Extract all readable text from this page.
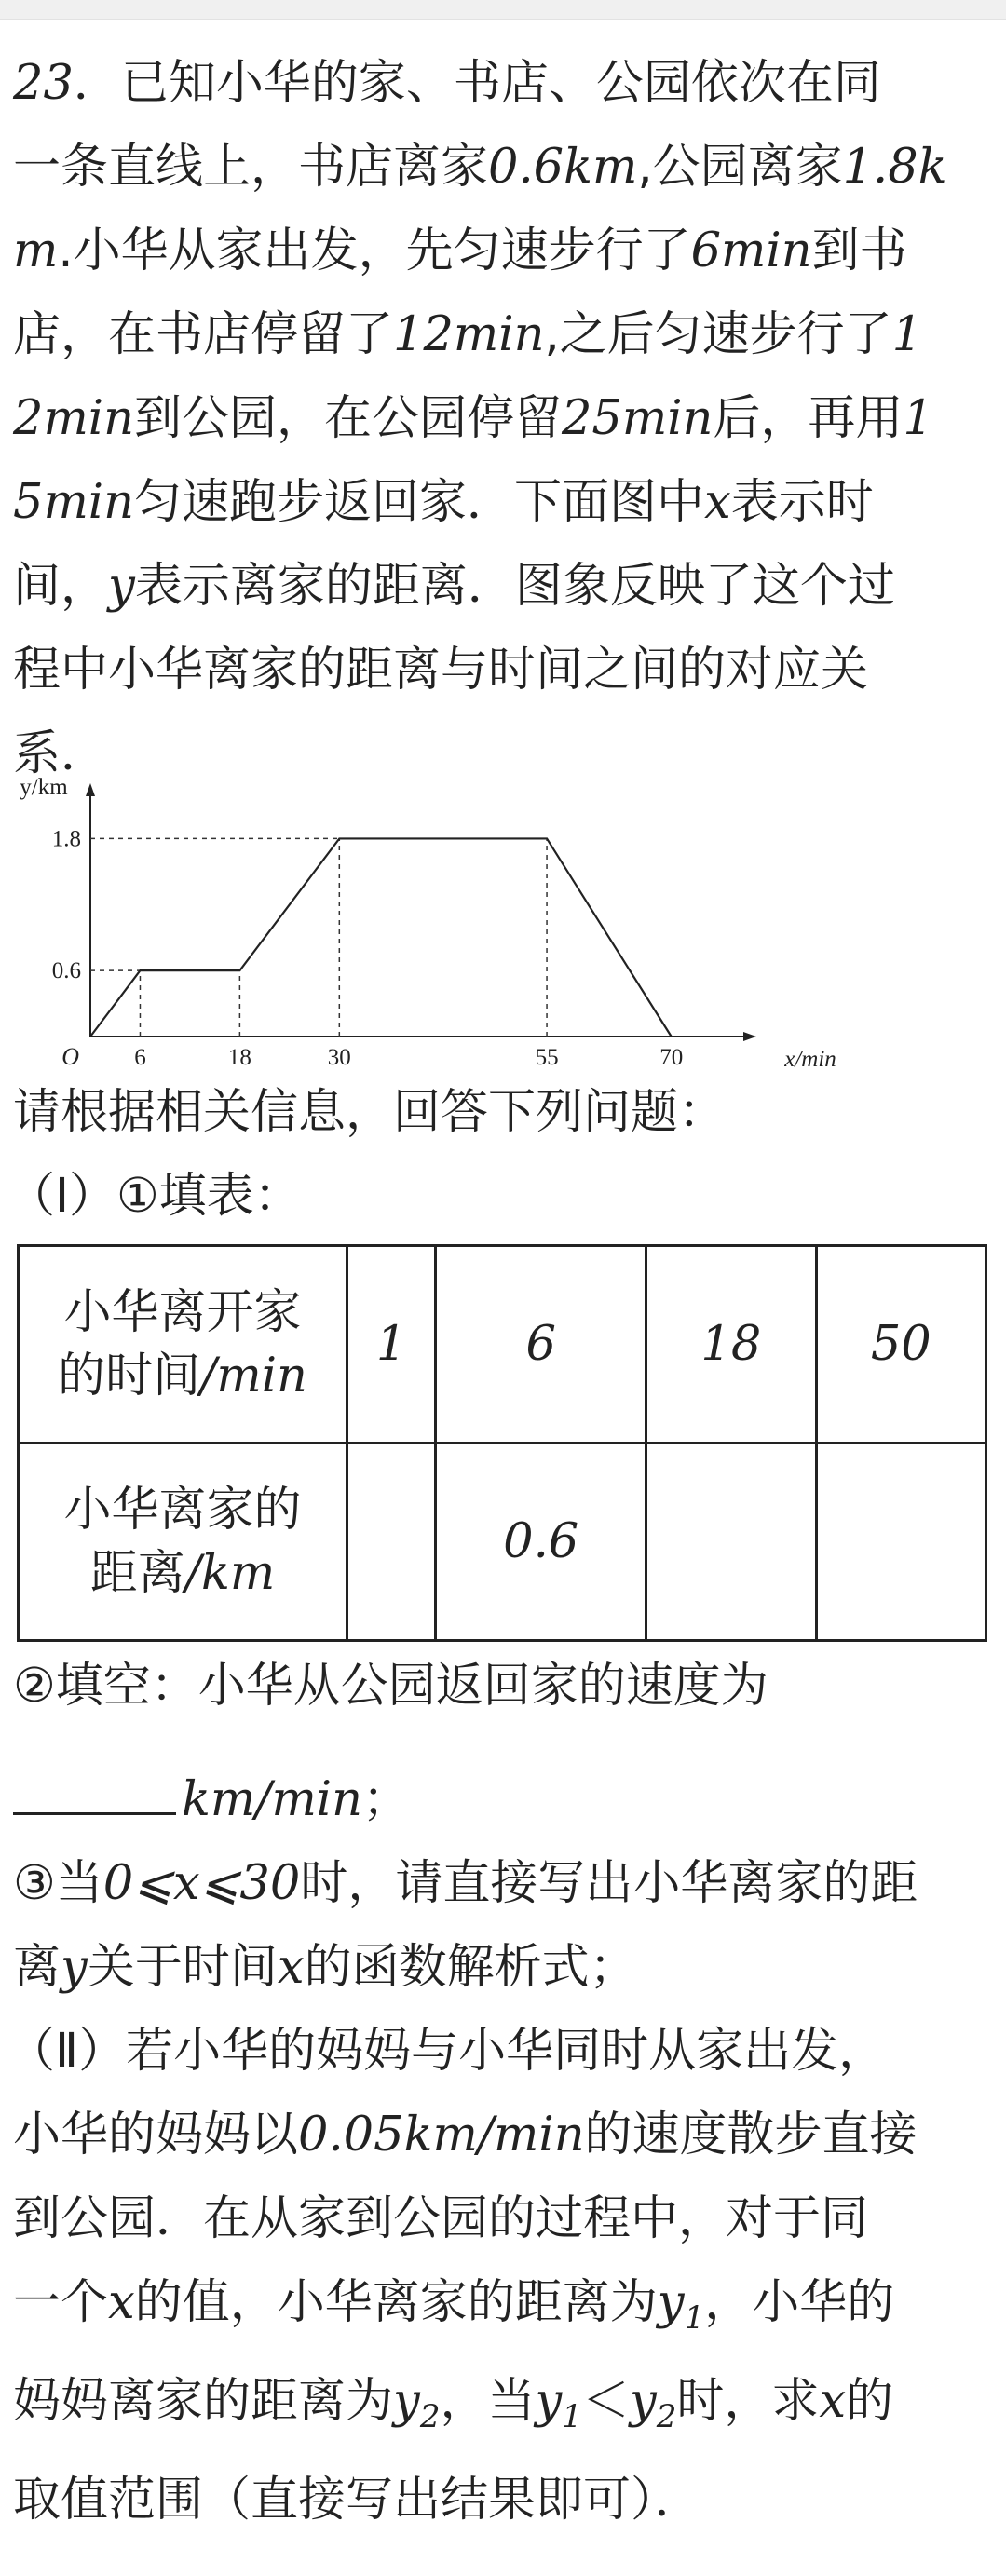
23．已知小华的家、书店、公园依次在同
一条直线上，书店离家0.6km,公园离家1.8k
m.小华从家出发，先匀速步行了6min到书
店，在书店停留了12min,之后匀速步行了1
2min到公园，在公园停留25min后，再用1
5min匀速跑步返回家．下面图中x表示时
间，y表示离家的距离．图象反映了这个过
程中小华离家的距离与时间之间的对应关
系．
6	18	30	55	70
0.6
1.8
O	x/min
y/km
请根据相关信息，回答下列问题：
（Ⅰ）①填表：
小华离开家
的时间/min	1	6	18	50

小华离家的
距离/km		0.6		
②填空：小华从公园返回家的速度为
km/min；
③当0⩽x⩽30时，请直接写出小华离家的距
离y关于时间x的函数解析式；
（Ⅱ）若小华的妈妈与小华同时从家出发，
小华的妈妈以0.05km/min的速度散步直接
到公园．在从家到公园的过程中，对于同
一个x的值，小华离家的距离为$y_1$，小华的
妈妈离家的距离为$y_2$，当$y_1<y_2$时，求x的
取值范围（直接写出结果即可）．
